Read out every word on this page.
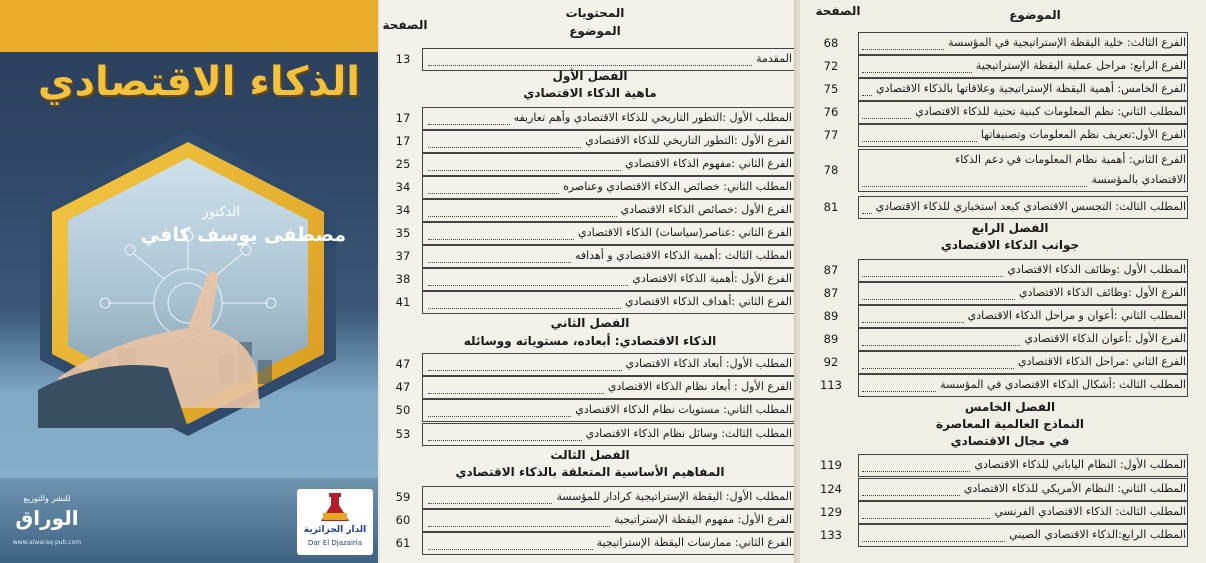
الذكاء الاقتصادي
الدكتور
مصطفى يوسف كافي
للنشر والتوزيع
الوراق
www.alwaraq-pub.com
الدار الجزائرية
Dar El Djazairia
المحتويات
الموضوع
الصفحة
المقدمة
13
الفصل الأول
ماهية الذكاء الاقتصادي
المطلب الأول :التطور التاريخي للذكاء الاقتصادي وأهم تعاريفه
17
الفرع الأول :التطور التاريخي للذكاء الاقتصادي
17
الفرع الثاني :مفهوم الذكاء الاقتصادي
25
المطلب الثاني: خصائص الذكاء الاقتصادي وعناصره
34
الفرع الأول :خصائص الذكاء الاقتصادي
34
الفرع الثاني :عناصر(سياسات) الذكاء الاقتصادي
35
المطلب الثالث :أهمية الذكاء الاقتصادي و أهدافه
37
الفرع الأول :أهمية الذكاء الاقتصادي
38
الفرع الثاني :أهداف الذكاء الاقتصادي
41
الفصل الثاني
الذكاء الاقتصادي: أبعاده، مستوياته ووسائله
المطلب الأول: أبعاد الذكاء الاقتصادي
47
الفرع الأول : أبعاد نظام الذكاء الاقتصادي
47
المطلب الثاني: مستويات نظام الذكاء الاقتصادي
50
المطلب الثالث: وسائل نظام الذكاء الاقتصادي
53
الفصل الثالث
المفاهيم الأساسية المتعلقة بالذكاء الاقتصادي
المطلب الأول: اليقظة الإستراتيجية كرادار للمؤسسة
59
الفرع الأول: مفهوم اليقظة الإستراتيجية
60
الفرع الثاني: ممارسات اليقظة الإستراتيجية
61
الموضوع
الصفحة
الفرع الثالث: خلية اليقظة الإستراتيجية في المؤسسة
68
الفرع الرابع: مراحل عملية اليقظة الإستراتيجية
72
الفرع الخامس: أهمية اليقظة الإستراتيجية وعلاقاتها بالذكاء الاقتصادي
75
المطلب الثاني: نظم المعلومات كبنية تحتية للذكاء الاقتصادي
76
الفرع الأول:تعريف نظم المعلومات وتصنيفاتها
77
الفرع الثاني: أهمية نظام المعلومات في دعم الذكاء
الاقتصادي بالمؤسسة
78
المطلب الثالث: التجسس الاقتصادي كبعد استخباري للذكاء الاقتصادي
81
الفصل الرابع
جوانب الذكاء الاقتصادي
المطلب الأول :وظائف الذكاء الاقتصادي
87
الفرع الأول :وظائف الذكاء الاقتصادي
87
المطلب الثاني :أعوان و مراحل الذكاء الاقتصادي
89
الفرع الأول :أعوان الذكاء الاقتصادي
89
الفرع الثاني :مراحل الذكاء الاقتصادي
92
المطلب الثالث :أشكال الذكاء الاقتصادي في المؤسسة
113
الفصل الخامس
النماذج العالمية المعاصرة
في مجال الاقتصادي
المطلب الأول: النظام الياباني للذكاء الاقتصادي
119
المطلب الثاني: النظام الأمريكي للذكاء الاقتصادي
124
المطلب الثالث: الذكاء الاقتصادي الفرنسي
129
المطلب الرابع:الذكاء الاقتصادي الصيني
133
